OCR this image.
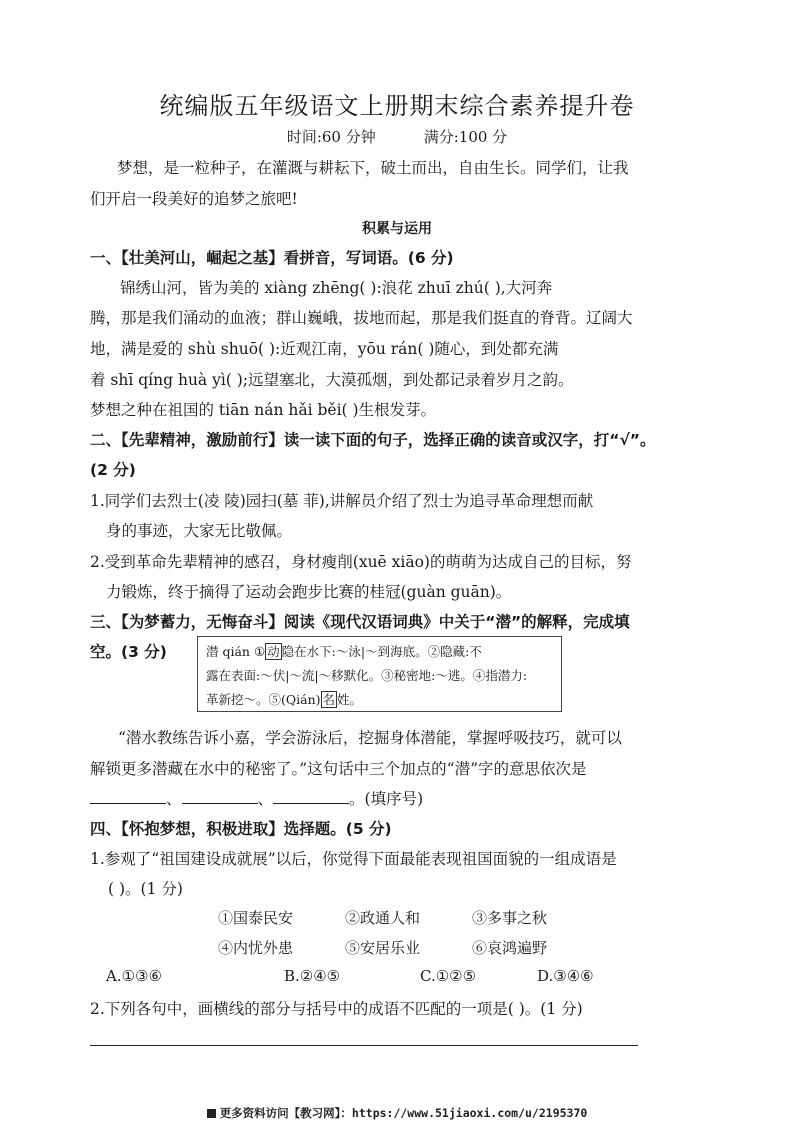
统编版五年级语文上册期末综合素养提升卷
时间:60 分钟	满分:100 分
梦想，是一粒种子，在灌溉与耕耘下，破土而出，自由生长。同学们，让我
们开启一段美好的追梦之旅吧!
积累与运用
一、【壮美河山，崛起之基】看拼音，写词语。(6 分)
锦绣山河，皆为美的 xiàng zhēng( ):浪花 zhuī zhú( ),大河奔
腾，那是我们涌动的血液；群山巍峨，拔地而起，那是我们挺直的脊背。辽阔大
地，满是爱的 shù shuō( ):近观江南，yōu rán( )随心，到处都充满
着 shī qíng huà yì( );远望塞北，大漠孤烟，到处都记录着岁月之韵。
梦想之种在祖国的 tiān nán hǎi běi( )生根发芽。
二、【先辈精神，激励前行】读一读下面的句子，选择正确的读音或汉字，打“√”。
(2 分)
1.同学们去烈士(凌 陵)园扫(墓 菲),讲解员介绍了烈士为追寻革命理想而献
身的事迹，大家无比敬佩。
2.受到革命先辈精神的感召，身材瘦削(xuē xiāo)的萌萌为达成自己的目标，努
力锻炼，终于摘得了运动会跑步比赛的桂冠(guàn guān)。
三、【为梦蓄力，无悔奋斗】阅读《现代汉语词典》中关于“潜”的解释，完成填
空。(3 分)	潜 qián ① 动 隐在水下:～泳|～到海底。②隐藏:不
露在表面:～伏|～流|～移默化。③秘密地:～逃。④指潜力:
革新挖～。⑤(Qián) 名 姓。
“潜水教练告诉小嘉，学会游泳后，挖掘身体潜能，掌握呼吸技巧，就可以
解锁更多潜藏在水中的秘密了。”这句话中三个加点的“潜”字的意思依次是
、	、	。(填序号)
四、【怀抱梦想，积极进取】选择题。(5 分)
1.参观了“祖国建设成就展”以后，你觉得下面最能表现祖国面貌的一组成语是
( )。(1 分)
①国泰民安	②政通人和	③多事之秋
④内忧外患	⑤安居乐业	⑥哀鸿遍野
A.①③⑥	B.②④⑤	C.①②⑤	D.③④⑥
2.下列各句中，画横线的部分与括号中的成语不匹配的一项是( )。(1 分)
更多资料访问【教习网】：https://www.51jiaoxi.com/u/2195370
